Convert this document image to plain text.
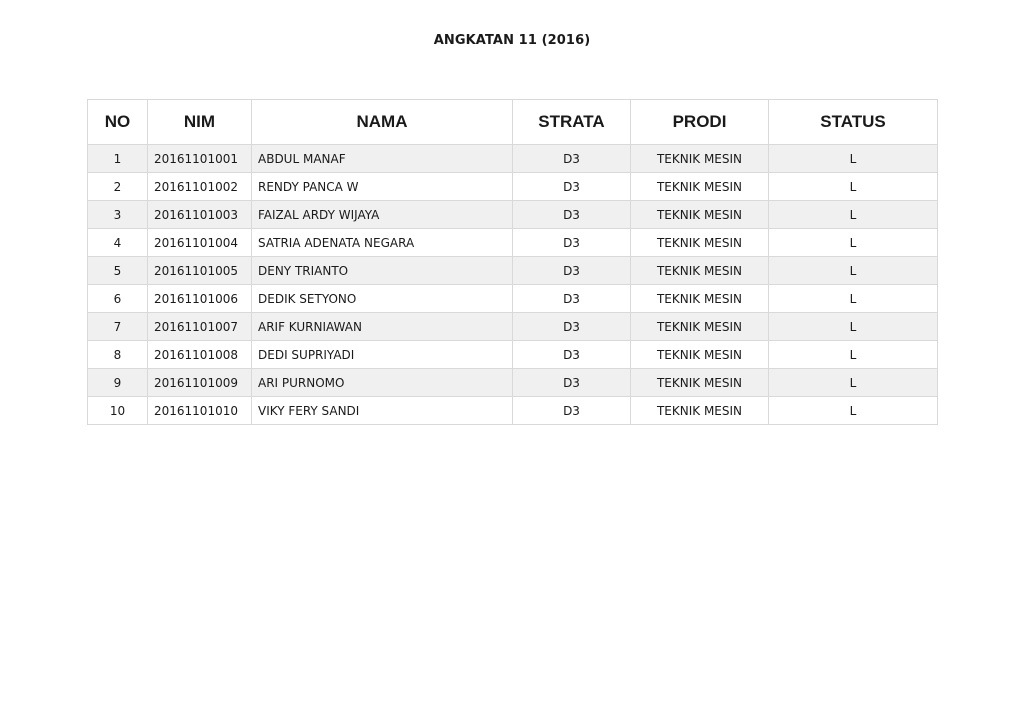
ANGKATAN 11 (2016)
NO	NIM	NAMA	STRATA	PRODI	STATUS
1	20161101001	ABDUL MANAF	D3	TEKNIK MESIN	L
2	20161101002	RENDY PANCA W	D3	TEKNIK MESIN	L
3	20161101003	FAIZAL ARDY WIJAYA	D3	TEKNIK MESIN	L
4	20161101004	SATRIA ADENATA NEGARA	D3	TEKNIK MESIN	L
5	20161101005	DENY TRIANTO	D3	TEKNIK MESIN	L
6	20161101006	DEDIK SETYONO	D3	TEKNIK MESIN	L
7	20161101007	ARIF KURNIAWAN	D3	TEKNIK MESIN	L
8	20161101008	DEDI SUPRIYADI	D3	TEKNIK MESIN	L
9	20161101009	ARI PURNOMO	D3	TEKNIK MESIN	L
10	20161101010	VIKY FERY SANDI	D3	TEKNIK MESIN	L
